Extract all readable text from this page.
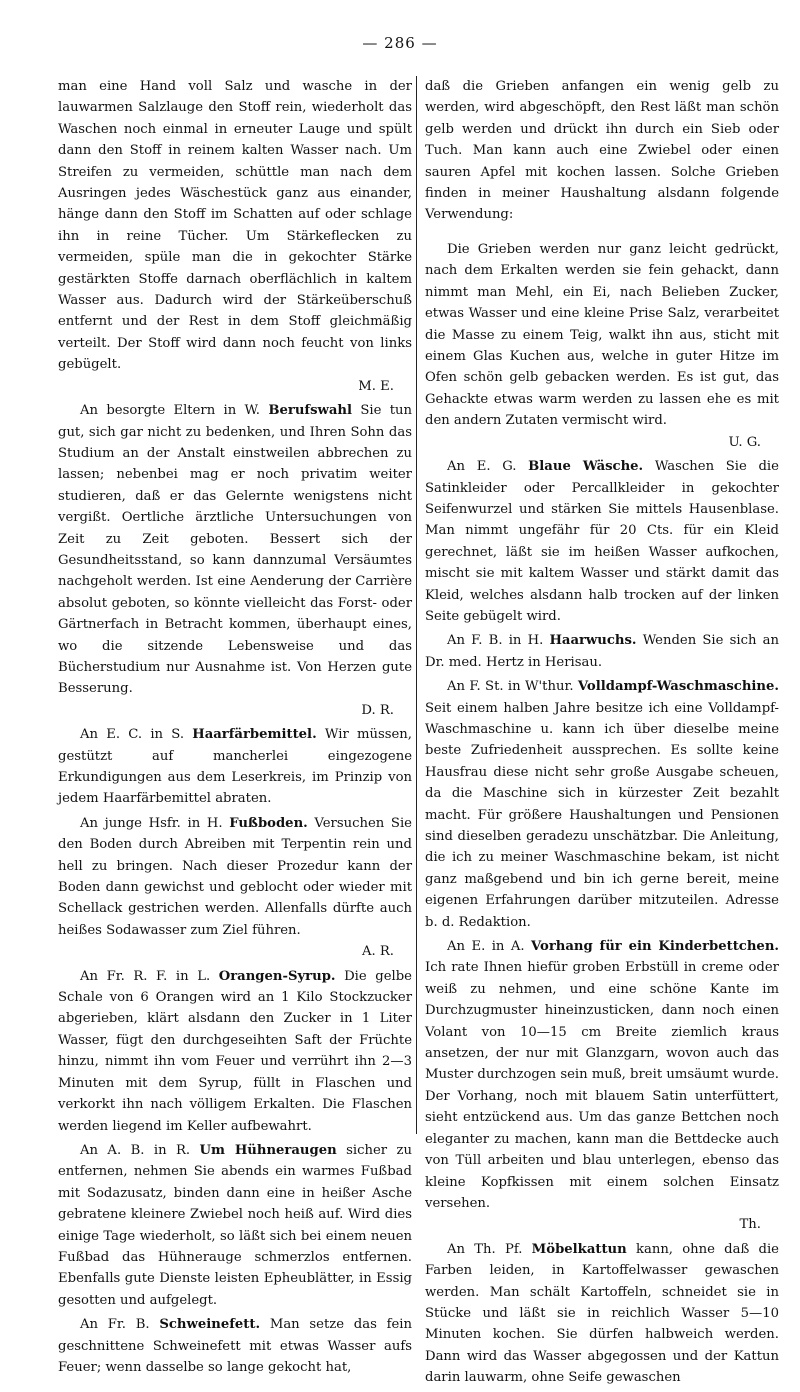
— 286 —

man eine Hand voll Salz und wasche in der lauwarmen Salzlauge den Stoff rein, wiederholt das Waschen noch einmal in erneuter Lauge und spült dann den Stoff in reinem kalten Wasser nach. Um Streifen zu vermeiden, schüttle man nach dem Ausringen jedes Wäschestück ganz aus einander, hänge dann den Stoff im Schatten auf oder schlage ihn in reine Tücher. Um Stärkeflecken zu vermeiden, spüle man die in gekochter Stärke gestärkten Stoffe darnach oberflächlich in kaltem Wasser aus. Dadurch wird der Stärkeüberschuß entfernt und der Rest in dem Stoff gleichmäßig verteilt. Der Stoff wird dann noch feucht von links gebügelt.
M. E.

An besorgte Eltern in W. Berufswahl Sie tun gut, sich gar nicht zu bedenken, und Ihren Sohn das Studium an der Anstalt einstweilen abbrechen zu lassen; nebenbei mag er noch privatim weiter studieren, daß er das Gelernte wenigstens nicht vergißt. Oertliche ärztliche Untersuchungen von Zeit zu Zeit geboten. Bessert sich der Gesundheitsstand, so kann dannzumal Versäumtes nachgeholt werden. Ist eine Aenderung der Carrière absolut geboten, so könnte vielleicht das Forst- oder Gärtnerfach in Betracht kommen, überhaupt eines, wo die sitzende Lebensweise und das Bücherstudium nur Ausnahme ist. Von Herzen gute Besserung.
D. R.

An E. C. in S. Haarfärbemittel. Wir müssen, gestützt auf mancherlei eingezogene Erkundigungen aus dem Leserkreis, im Prinzip von jedem Haarfärbemittel abraten.

An junge Hsfr. in H. Fußboden. Versuchen Sie den Boden durch Abreiben mit Terpentin rein und hell zu bringen. Nach dieser Prozedur kann der Boden dann gewichst und geblocht oder wieder mit Schellack gestrichen werden. Allenfalls dürfte auch heißes Sodawasser zum Ziel führen.
A. R.

An Fr. R. F. in L. Orangen-Syrup. Die gelbe Schale von 6 Orangen wird an 1 Kilo Stockzucker abgerieben, klärt alsdann den Zucker in 1 Liter Wasser, fügt den durchgeseihten Saft der Früchte hinzu, nimmt ihn vom Feuer und verrührt ihn 2—3 Minuten mit dem Syrup, füllt in Flaschen und verkorkt ihn nach völligem Erkalten. Die Flaschen werden liegend im Keller aufbewahrt.

An A. B. in R. Um Hühneraugen sicher zu entfernen, nehmen Sie abends ein warmes Fußbad mit Sodazusatz, binden dann eine in heißer Asche gebratene kleinere Zwiebel noch heiß auf. Wird dies einige Tage wiederholt, so läßt sich bei einem neuen Fußbad das Hühnerauge schmerzlos entfernen. Ebenfalls gute Dienste leisten Epheublätter, in Essig gesotten und aufgelegt.

An Fr. B. Schweinefett. Man setze das fein geschnittene Schweinefett mit etwas Wasser aufs Feuer; wenn dasselbe so lange gekocht hat,

daß die Grieben anfangen ein wenig gelb zu werden, wird abgeschöpft, den Rest läßt man schön gelb werden und drückt ihn durch ein Sieb oder Tuch. Man kann auch eine Zwiebel oder einen sauren Apfel mit kochen lassen. Solche Grieben finden in meiner Haushaltung alsdann folgende Verwendung:

Die Grieben werden nur ganz leicht gedrückt, nach dem Erkalten werden sie fein gehackt, dann nimmt man Mehl, ein Ei, nach Belieben Zucker, etwas Wasser und eine kleine Prise Salz, verarbeitet die Masse zu einem Teig, walkt ihn aus, sticht mit einem Glas Kuchen aus, welche in guter Hitze im Ofen schön gelb gebacken werden. Es ist gut, das Gehackte etwas warm werden zu lassen ehe es mit den andern Zutaten vermischt wird.
U. G.

An E. G. Blaue Wäsche. Waschen Sie die Satinkleider oder Percallkleider in gekochter Seifenwurzel und stärken Sie mittels Hausenblase. Man nimmt ungefähr für 20 Cts. für ein Kleid gerechnet, läßt sie im heißen Wasser aufkochen, mischt sie mit kaltem Wasser und stärkt damit das Kleid, welches alsdann halb trocken auf der linken Seite gebügelt wird.

An F. B. in H. Haarwuchs. Wenden Sie sich an Dr. med. Hertz in Herisau.

An F. St. in W'thur. Volldampf-Waschmaschine. Seit einem halben Jahre besitze ich eine Volldampf-Waschmaschine u. kann ich über dieselbe meine beste Zufriedenheit aussprechen. Es sollte keine Hausfrau diese nicht sehr große Ausgabe scheuen, da die Maschine sich in kürzester Zeit bezahlt macht. Für größere Haushaltungen und Pensionen sind dieselben geradezu unschätzbar. Die Anleitung, die ich zu meiner Waschmaschine bekam, ist nicht ganz maßgebend und bin ich gerne bereit, meine eigenen Erfahrungen darüber mitzuteilen. Adresse b. d. Redaktion.

An E. in A. Vorhang für ein Kinderbettchen. Ich rate Ihnen hiefür groben Erbstüll in creme oder weiß zu nehmen, und eine schöne Kante im Durchzugmuster hineinzusticken, dann noch einen Volant von 10—15 cm Breite ziemlich kraus ansetzen, der nur mit Glanzgarn, wovon auch das Muster durchzogen sein muß, breit umsäumt wurde. Der Vorhang, noch mit blauem Satin unterfüttert, sieht entzückend aus. Um das ganze Bettchen noch eleganter zu machen, kann man die Bettdecke auch von Tüll arbeiten und blau unterlegen, ebenso das kleine Kopfkissen mit einem solchen Einsatz versehen.
Th.

An Th. Pf. Möbelkattun kann, ohne daß die Farben leiden, in Kartoffelwasser gewaschen werden. Man schält Kartoffeln, schneidet sie in Stücke und läßt sie in reichlich Wasser 5—10 Minuten kochen. Sie dürfen halbweich werden. Dann wird das Wasser abgegossen und der Kattun darin lauwarm, ohne Seife gewaschen
